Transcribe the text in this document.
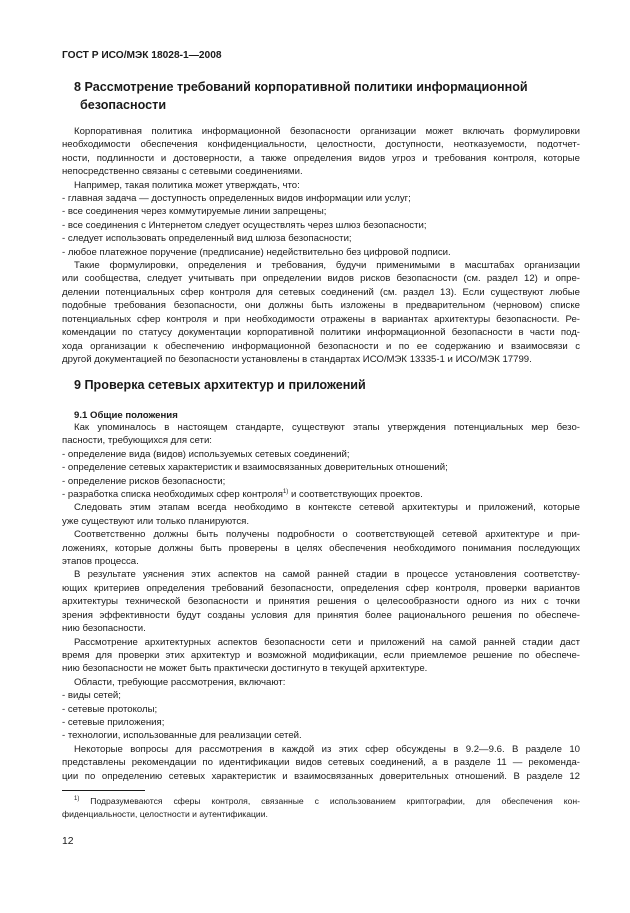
ГОСТ Р ИСО/МЭК 18028-1—2008
8 Рассмотрение требований корпоративной политики информационной
безопасности
Корпоративная политика информационной безопасности организации может включать формулировки
необходимости обеспечения конфиденциальности, целостности, доступности, неотказуемости, подотчет-
ности, подлинности и достоверности, а также определения видов угроз и требования контроля, которые
непосредственно связаны с сетевыми соединениями.
Например, такая политика может утверждать, что:
- главная задача — доступность определенных видов информации или услуг;
- все соединения через коммутируемые линии запрещены;
- все соединения с Интернетом следует осуществлять через шлюз безопасности;
- следует использовать определенный вид шлюза безопасности;
- любое платежное поручение (предписание) недействительно без цифровой подписи.
Такие формулировки, определения и требования, будучи применимыми в масштабах организации
или сообщества, следует учитывать при определении видов рисков безопасности (см. раздел 12) и опре-
делении потенциальных сфер контроля для сетевых соединений (см. раздел 13). Если существуют любые
подобные требования безопасности, они должны быть изложены в предварительном (черновом) списке
потенциальных сфер контроля и при необходимости отражены в вариантах архитектуры безопасности. Ре-
комендации по статусу документации корпоративной политики информационной безопасности в части под-
хода организации к обеспечению информационной безопасности и по ее содержанию и взаимосвязи с
другой документацией по безопасности установлены в стандартах ИСО/МЭК 13335-1 и ИСО/МЭК 17799.
9 Проверка сетевых архитектур и приложений
9.1 Общие положения
Как упоминалось в настоящем стандарте, существуют этапы утверждения потенциальных мер безо-
пасности, требующихся для сети:
- определение вида (видов) используемых сетевых соединений;
- определение сетевых характеристик и взаимосвязанных доверительных отношений;
- определение рисков безопасности;
- разработка списка необходимых сфер контроля$^{1)}$ и соответствующих проектов.
Следовать этим этапам всегда необходимо в контексте сетевой архитектуры и приложений, которые
уже существуют или только планируются.
Соответственно должны быть получены подробности о соответствующей сетевой архитектуре и при-
ложениях, которые должны быть проверены в целях обеспечения необходимого понимания последующих
этапов процесса.
В результате уяснения этих аспектов на самой ранней стадии в процессе установления соответству-
ющих критериев определения требований безопасности, определения сфер контроля, проверки вариантов
архитектуры технической безопасности и принятия решения о целесообразности одного из них с точки
зрения эффективности будут созданы условия для принятия более рационального решения по обеспече-
нию безопасности.
Рассмотрение архитектурных аспектов безопасности сети и приложений на самой ранней стадии даст
время для проверки этих архитектур и возможной модификации, если приемлемое решение по обеспече-
нию безопасности не может быть практически достигнуто в текущей архитектуре.
Области, требующие рассмотрения, включают:
- виды сетей;
- сетевые протоколы;
- сетевые приложения;
- технологии, использованные для реализации сетей.
Некоторые вопросы для рассмотрения в каждой из этих сфер обсуждены в 9.2—9.6. В разделе 10
представлены рекомендации по идентификации видов сетевых соединений, а в разделе 11 — рекоменда-
ции по определению сетевых характеристик и взаимосвязанных доверительных отношений. В разделе 12
$^{1)}$ Подразумеваются сферы контроля, связанные с использованием криптографии, для обеспечения кон-
фиденциальности, целостности и аутентификации.
12
